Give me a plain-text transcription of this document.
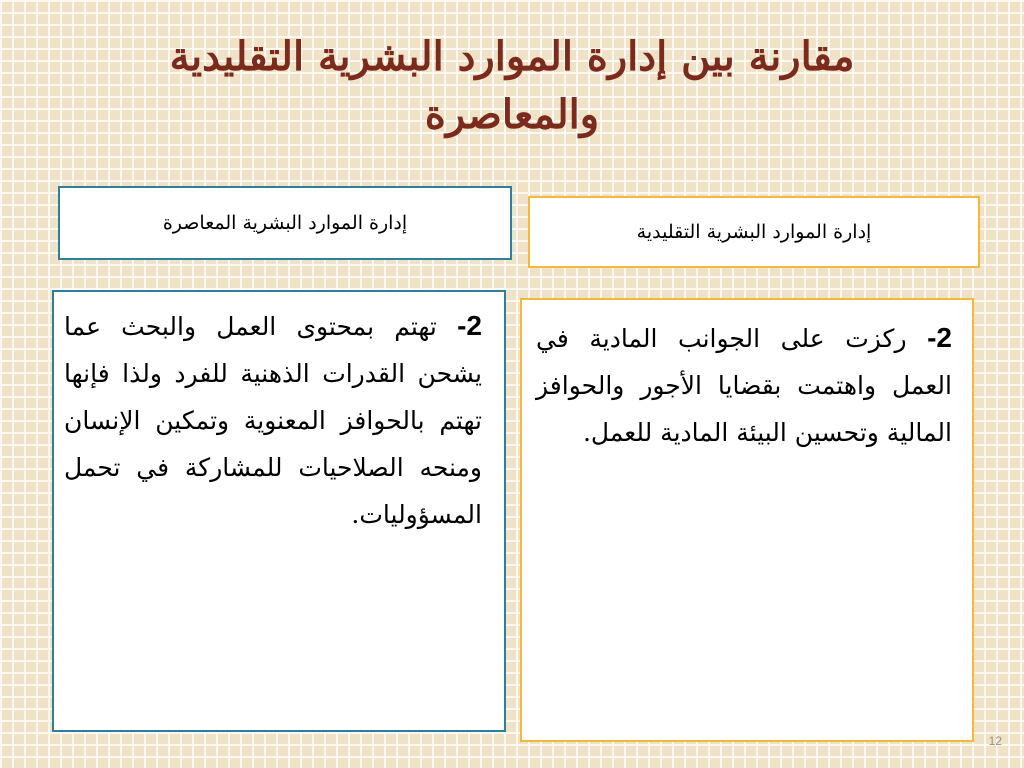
مقارنة بين إدارة الموارد البشرية التقليدية والمعاصرة
إدارة الموارد البشرية المعاصرة	إدارة الموارد البشرية التقليدية
2- تهتم بمحتوى العمل والبحث عما يشحن القدرات الذهنية للفرد ولذا فإنها تهتم بالحوافز المعنوية وتمكين الإنسان ومنحه الصلاحيات للمشاركة في تحمل المسؤوليات.
2- ركزت على الجوانب المادية في العمل واهتمت بقضايا الأجور والحوافز المالية وتحسين البيئة المادية للعمل.
12
